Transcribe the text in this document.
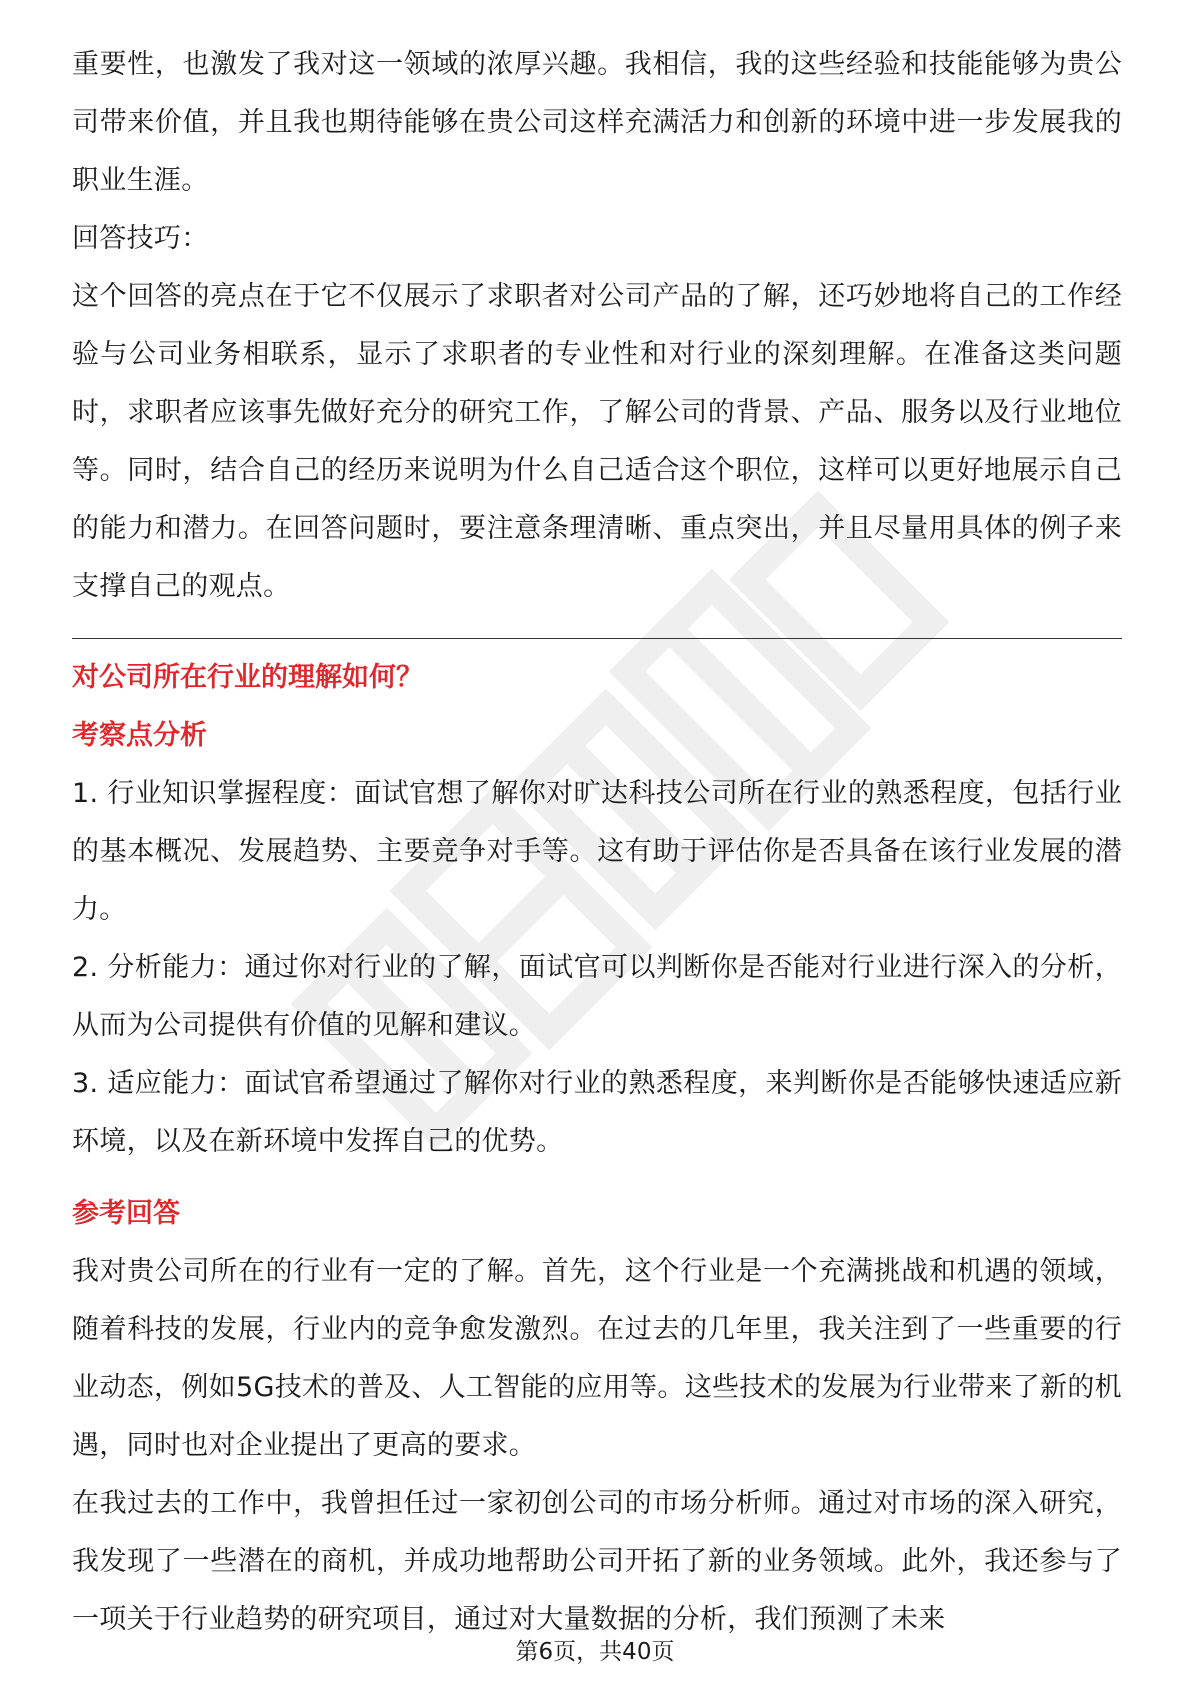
重要性，也激发了我对这一领域的浓厚兴趣。我相信，我的这些经验和技能能够为贵公司带来价值，并且我也期待能够在贵公司这样充满活力和创新的环境中进一步发展我的职业生涯。

回答技巧：

这个回答的亮点在于它不仅展示了求职者对公司产品的了解，还巧妙地将自己的工作经验与公司业务相联系，显示了求职者的专业性和对行业的深刻理解。在准备这类问题时，求职者应该事先做好充分的研究工作，了解公司的背景、产品、服务以及行业地位等。同时，结合自己的经历来说明为什么自己适合这个职位，这样可以更好地展示自己的能力和潜力。在回答问题时，要注意条理清晰、重点突出，并且尽量用具体的例子来支撑自己的观点。

对公司所在行业的理解如何？

考察点分析

1. 行业知识掌握程度：面试官想了解你对旷达科技公司所在行业的熟悉程度，包括行业的基本概况、发展趋势、主要竞争对手等。这有助于评估你是否具备在该行业发展的潜力。

2. 分析能力：通过你对行业的了解，面试官可以判断你是否能对行业进行深入的分析，从而为公司提供有价值的见解和建议。

3. 适应能力：面试官希望通过了解你对行业的熟悉程度，来判断你是否能够快速适应新环境，以及在新环境中发挥自己的优势。

参考回答

我对贵公司所在的行业有一定的了解。首先，这个行业是一个充满挑战和机遇的领域，随着科技的发展，行业内的竞争愈发激烈。在过去的几年里，我关注到了一些重要的行业动态，例如5G技术的普及、人工智能的应用等。这些技术的发展为行业带来了新的机遇，同时也对企业提出了更高的要求。

在我过去的工作中，我曾担任过一家初创公司的市场分析师。通过对市场的深入研究，我发现了一些潜在的商机，并成功地帮助公司开拓了新的业务领域。此外，我还参与了一项关于行业趋势的研究项目，通过对大量数据的分析，我们预测了未来

第6页，共40页
